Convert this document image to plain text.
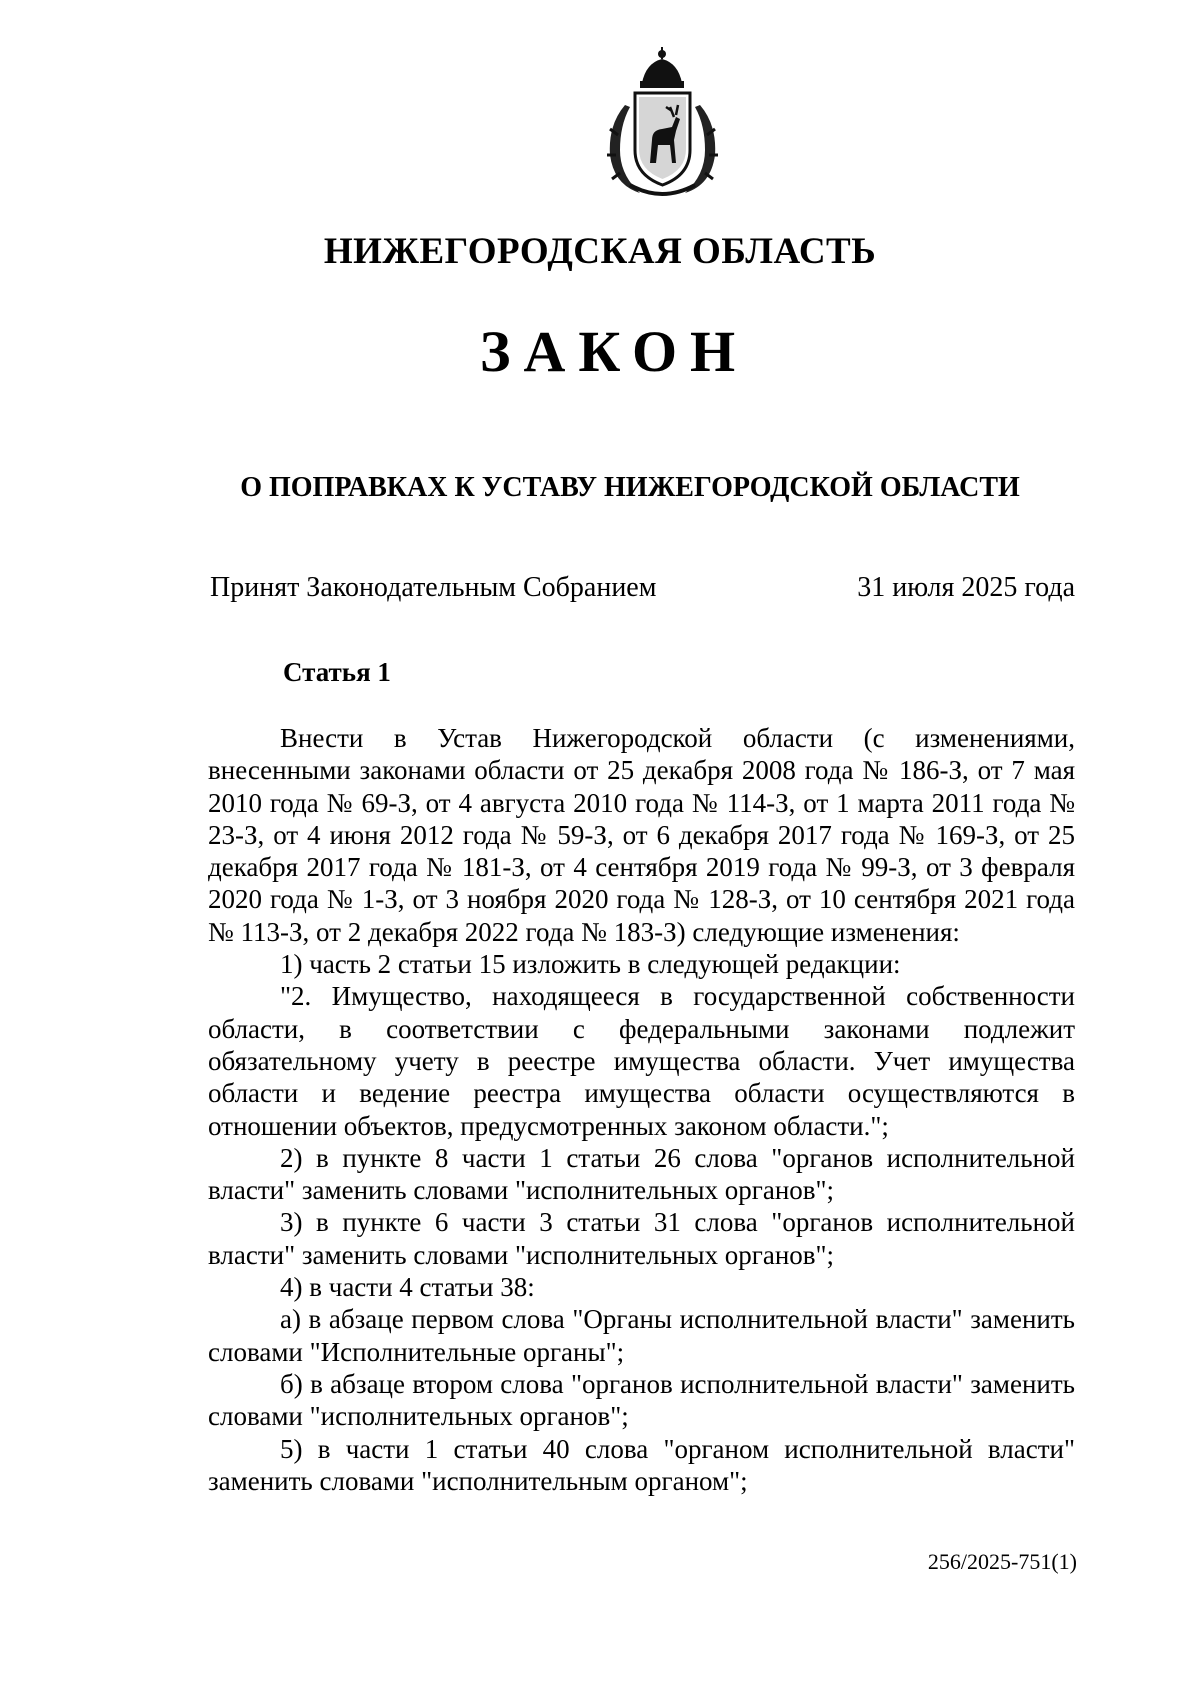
НИЖЕГОРОДСКАЯ ОБЛАСТЬ
ЗАКОН
О ПОПРАВКАХ К УСТАВУ НИЖЕГОРОДСКОЙ ОБЛАСТИ
Принят Законодательным Собранием	31 июля 2025 года
Статья 1

Внести в Устав Нижегородской области (с изменениями, внесенными законами области от 25 декабря 2008 года № 186-З, от 7 мая 2010 года № 69-З, от 4 августа 2010 года № 114-З, от 1 марта 2011 года № 23-З, от 4 июня 2012 года № 59-З, от 6 декабря 2017 года № 169-З, от 25 декабря 2017 года № 181-З, от 4 сентября 2019 года № 99-З, от 3 февраля 2020 года № 1-З, от 3 ноября 2020 года № 128-З, от 10 сентября 2021 года № 113-З, от 2 декабря 2022 года № 183-З) следующие изменения:

1) часть 2 статьи 15 изложить в следующей редакции:

"2. Имущество, находящееся в государственной собственности области, в соответствии с федеральными законами подлежит обязательному учету в реестре имущества области. Учет имущества области и ведение реестра имущества области осуществляются в отношении объектов, предусмотренных законом области.";

2) в пункте 8 части 1 статьи 26 слова "органов исполнительной власти" заменить словами "исполнительных органов";

3) в пункте 6 части 3 статьи 31 слова "органов исполнительной власти" заменить словами "исполнительных органов";

4) в части 4 статьи 38:

а) в абзаце первом слова "Органы исполнительной власти" заменить словами "Исполнительные органы";

б) в абзаце втором слова "органов исполнительной власти" заменить словами "исполнительных органов";

5) в части 1 статьи 40 слова "органом исполнительной власти" заменить словами "исполнительным органом";

256/2025-751(1)
